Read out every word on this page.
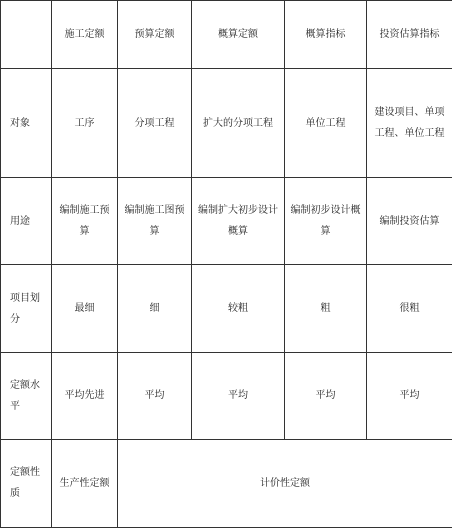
	施工定额	预算定额	概算定额	概算指标	投资估算指标
对象	工序	分项工程	扩大的分项工程	单位工程	建设项目、单项工程、单位工程
用途	编制施工预算	编制施工图预算	编制扩大初步设计概算	编制初步设计概算	编制投资估算
项目划分	最细	细	较粗	粗	很粗
定额水平	平均先进	平均	平均	平均	平均
定额性质	生产性定额	计价性定额			
